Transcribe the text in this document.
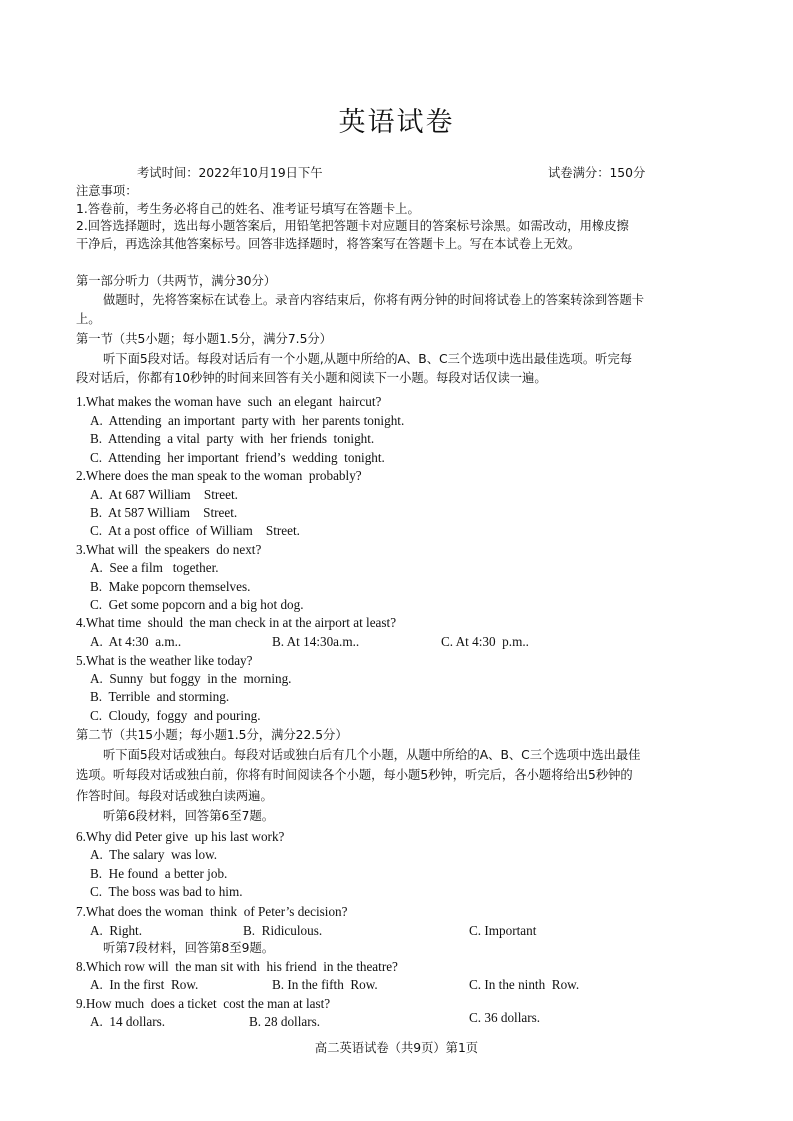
英语试卷
考试时间：2022年10月19日下午	试卷满分：150分
注意事项：
1.答卷前，考生务必将自己的姓名、准考证号填写在答题卡上。
2.回答选择题时，选出每小题答案后，用铅笔把答题卡对应题目的答案标号涂黑。如需改动，用橡皮擦
干净后，再选涂其他答案标号。回答非选择题时，将答案写在答题卡上。写在本试卷上无效。
第一部分听力（共两节，满分30分）
做题时，先将答案标在试卷上。录音内容结束后，你将有两分钟的时间将试卷上的答案转涂到答题卡
上。
第一节（共5小题；每小题1.5分，满分7.5分）
听下面5段对话。每段对话后有一个小题,从题中所给的A、B、C三个选项中选出最佳选项。听完每
段对话后，你都有10秒钟的时间来回答有关小题和阅读下一小题。每段对话仅读一遍。
1.What makes the woman have  such  an elegant  haircut?
A.  Attending  an important  party with  her parents tonight.
B.  Attending  a vital  party  with  her friends  tonight.
C.  Attending  her important  friend’s  wedding  tonight.
2.Where does the man speak to the woman  probably?
A.  At 687 William    Street.
B.  At 587 William    Street.
C.  At a post office  of William    Street.
3.What will  the speakers  do next?
A.  See a film   together.
B.  Make popcorn themselves.
C.  Get some popcorn and a big hot dog.
4.What time  should  the man check in at the airport at least?
A.  At 4:30  a.m..	B. At 14:30a.m..	C. At 4:30  p.m..
5.What is the weather like today?
A.  Sunny  but foggy  in the  morning.
B.  Terrible  and storming.
C.  Cloudy,  foggy  and pouring.
第二节（共15小题；每小题1.5分，满分22.5分）
听下面5段对话或独白。每段对话或独白后有几个小题，从题中所给的A、B、C三个选项中选出最佳
选项。听每段对话或独白前，你将有时间阅读各个小题，每小题5秒钟，听完后，各小题将给出5秒钟的
作答时间。每段对话或独白读两遍。
听第6段材料，回答第6至7题。
6.Why did Peter give  up his last work?
A.  The salary  was low.
B.  He found  a better job.
C.  The boss was bad to him.
7.What does the woman  think  of Peter’s decision?
A.  Right.	B.  Ridiculous.	C. Important
听第7段材料，回答第8至9题。
8.Which row will  the man sit with  his friend  in the theatre?
A.  In the first  Row.	B. In the fifth  Row.	C. In the ninth  Row.
9.How much  does a ticket  cost the man at last?
A.  14 dollars.	B. 28 dollars.	C. 36 dollars.
高二英语试卷（共9页）第1页
